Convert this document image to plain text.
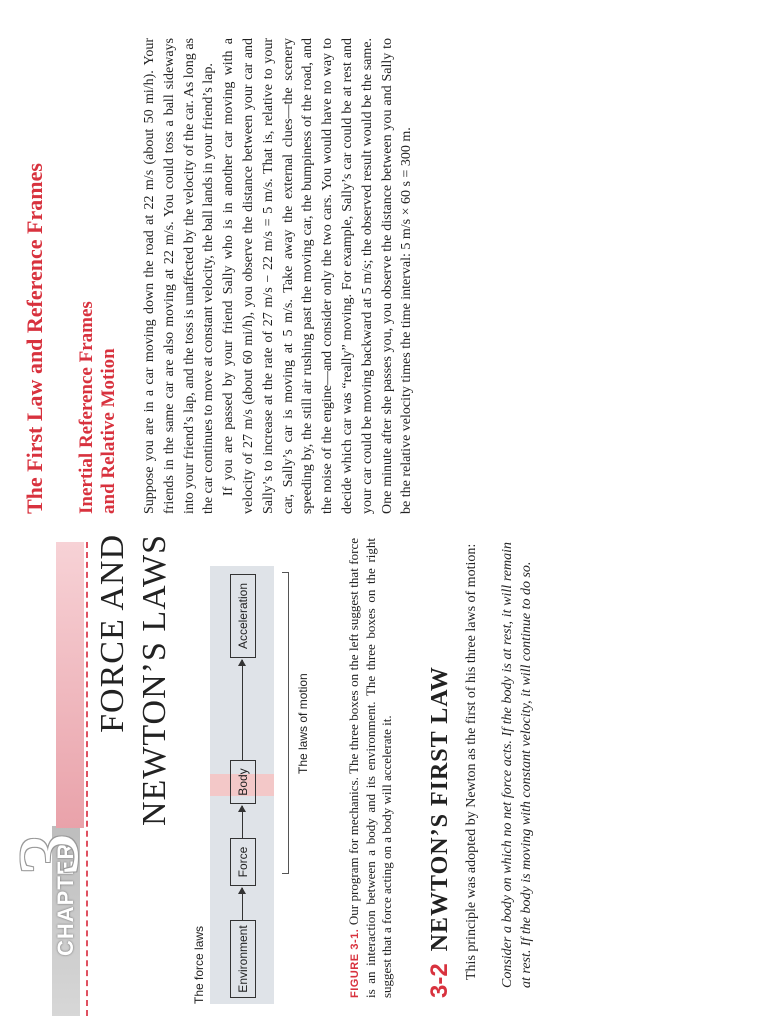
CHAPTER
3
FORCE AND NEWTON’S LAWS
The force laws	Environment
Force
Body
Acceleration
The laws of motion
FIGURE 3-1. Our program for mechanics. The three boxes on the left suggest that force is an interaction between a body and its environment. The three boxes on the right suggest that a force acting on a body will accelerate it. 3-2  NEWTON’S FIRST LAW This principle was adopted by Newton as the first of his three laws of motion: Consider a body on which no net force acts. If the body is at rest, it will remain at rest. If the body is moving with constant velocity, it will continue to do so.
The First Law and Reference Frames Inertial Reference Frames and Relative Motion Suppose you are in a car moving down the road at 22 m/s (about 50 mi/h). Your friends in the same car are also moving at 22 m/s. You could toss a ball sideways into your friend’s lap, and the toss is unaffected by the velocity of the car. As long as the car continues to move at constant velocity, the ball lands in your friend’s lap. If you are passed by your friend Sally who is in another car moving with a velocity of 27 m/s (about 60 mi/h), you observe the distance between your car and Sally’s to increase at the rate of 27 m/s − 22 m/s = 5 m/s. That is, relative to your car, Sally’s car is moving at 5 m/s. Take away the external clues—the scenery speeding by, the still air rushing past the moving car, the bumpiness of the road, and the noise of the engine—and consider only the two cars. You would have no way to decide which car was “really” moving. For example, Sally’s car could be at rest and your car could be moving backward at 5 m/s; the observed result would be the same. One minute after she passes you, you observe the distance between you and Sally to be the relative velocity times the time interval: 5 m/s × 60 s = 300 m.
